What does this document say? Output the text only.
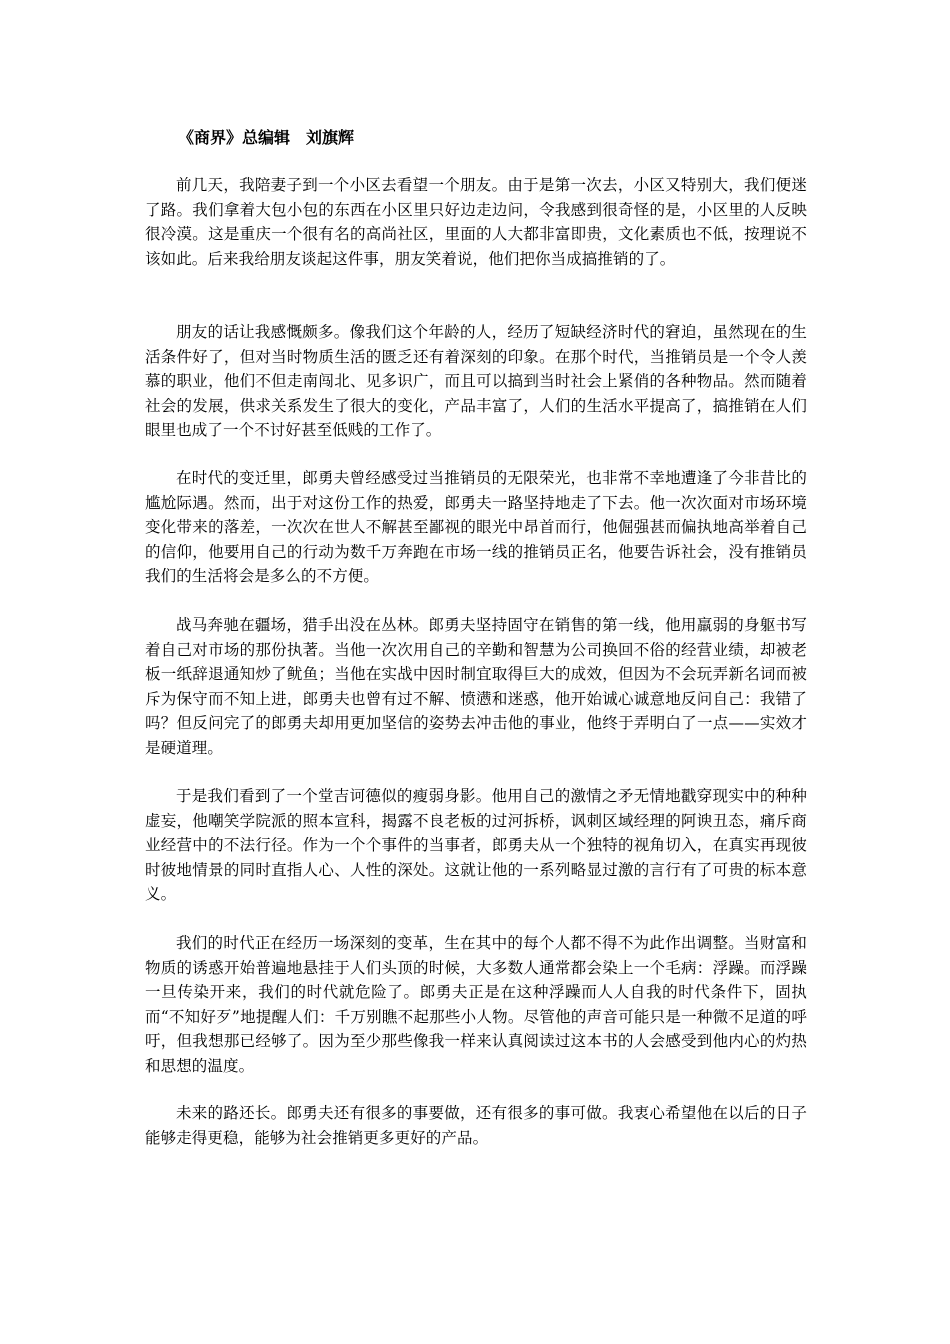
《商界》总编辑 刘旗辉

前几天，我陪妻子到一个小区去看望一个朋友。由于是第一次去，小区又特别大，我们便迷了路。我们拿着大包小包的东西在小区里只好边走边问，令我感到很奇怪的是，小区里的人反映很冷漠。这是重庆一个很有名的高尚社区，里面的人大都非富即贵，文化素质也不低，按理说不该如此。后来我给朋友谈起这件事，朋友笑着说，他们把你当成搞推销的了。

朋友的话让我感慨颇多。像我们这个年龄的人，经历了短缺经济时代的窘迫，虽然现在的生活条件好了，但对当时物质生活的匮乏还有着深刻的印象。在那个时代，当推销员是一个令人羡慕的职业，他们不但走南闯北、见多识广，而且可以搞到当时社会上紧俏的各种物品。然而随着社会的发展，供求关系发生了很大的变化，产品丰富了，人们的生活水平提高了，搞推销在人们眼里也成了一个不讨好甚至低贱的工作了。

在时代的变迁里，郎勇夫曾经感受过当推销员的无限荣光，也非常不幸地遭逢了今非昔比的尴尬际遇。然而，出于对这份工作的热爱，郎勇夫一路坚持地走了下去。他一次次面对市场环境变化带来的落差，一次次在世人不解甚至鄙视的眼光中昂首而行，他倔强甚而偏执地高举着自己的信仰，他要用自己的行动为数千万奔跑在市场一线的推销员正名，他要告诉社会，没有推销员我们的生活将会是多么的不方便。

战马奔驰在疆场，猎手出没在丛林。郎勇夫坚持固守在销售的第一线，他用羸弱的身躯书写着自己对市场的那份执著。当他一次次用自己的辛勤和智慧为公司换回不俗的经营业绩，却被老板一纸辞退通知炒了鱿鱼；当他在实战中因时制宜取得巨大的成效，但因为不会玩弄新名词而被斥为保守而不知上进，郎勇夫也曾有过不解、愤懑和迷惑，他开始诚心诚意地反问自己：我错了吗？但反问完了的郎勇夫却用更加坚信的姿势去冲击他的事业，他终于弄明白了一点——实效才是硬道理。

于是我们看到了一个堂吉诃德似的瘦弱身影。他用自己的激情之矛无情地戳穿现实中的种种虚妄，他嘲笑学院派的照本宣科，揭露不良老板的过河拆桥，讽刺区域经理的阿谀丑态，痛斥商业经营中的不法行径。作为一个个事件的当事者，郎勇夫从一个独特的视角切入，在真实再现彼时彼地情景的同时直指人心、人性的深处。这就让他的一系列略显过激的言行有了可贵的标本意义。

我们的时代正在经历一场深刻的变革，生在其中的每个人都不得不为此作出调整。当财富和物质的诱惑开始普遍地悬挂于人们头顶的时候，大多数人通常都会染上一个毛病：浮躁。而浮躁一旦传染开来，我们的时代就危险了。郎勇夫正是在这种浮躁而人人自我的时代条件下，固执而“不知好歹”地提醒人们：千万别瞧不起那些小人物。尽管他的声音可能只是一种微不足道的呼吁，但我想那已经够了。因为至少那些像我一样来认真阅读过这本书的人会感受到他内心的灼热和思想的温度。

未来的路还长。郎勇夫还有很多的事要做，还有很多的事可做。我衷心希望他在以后的日子能够走得更稳，能够为社会推销更多更好的产品。
